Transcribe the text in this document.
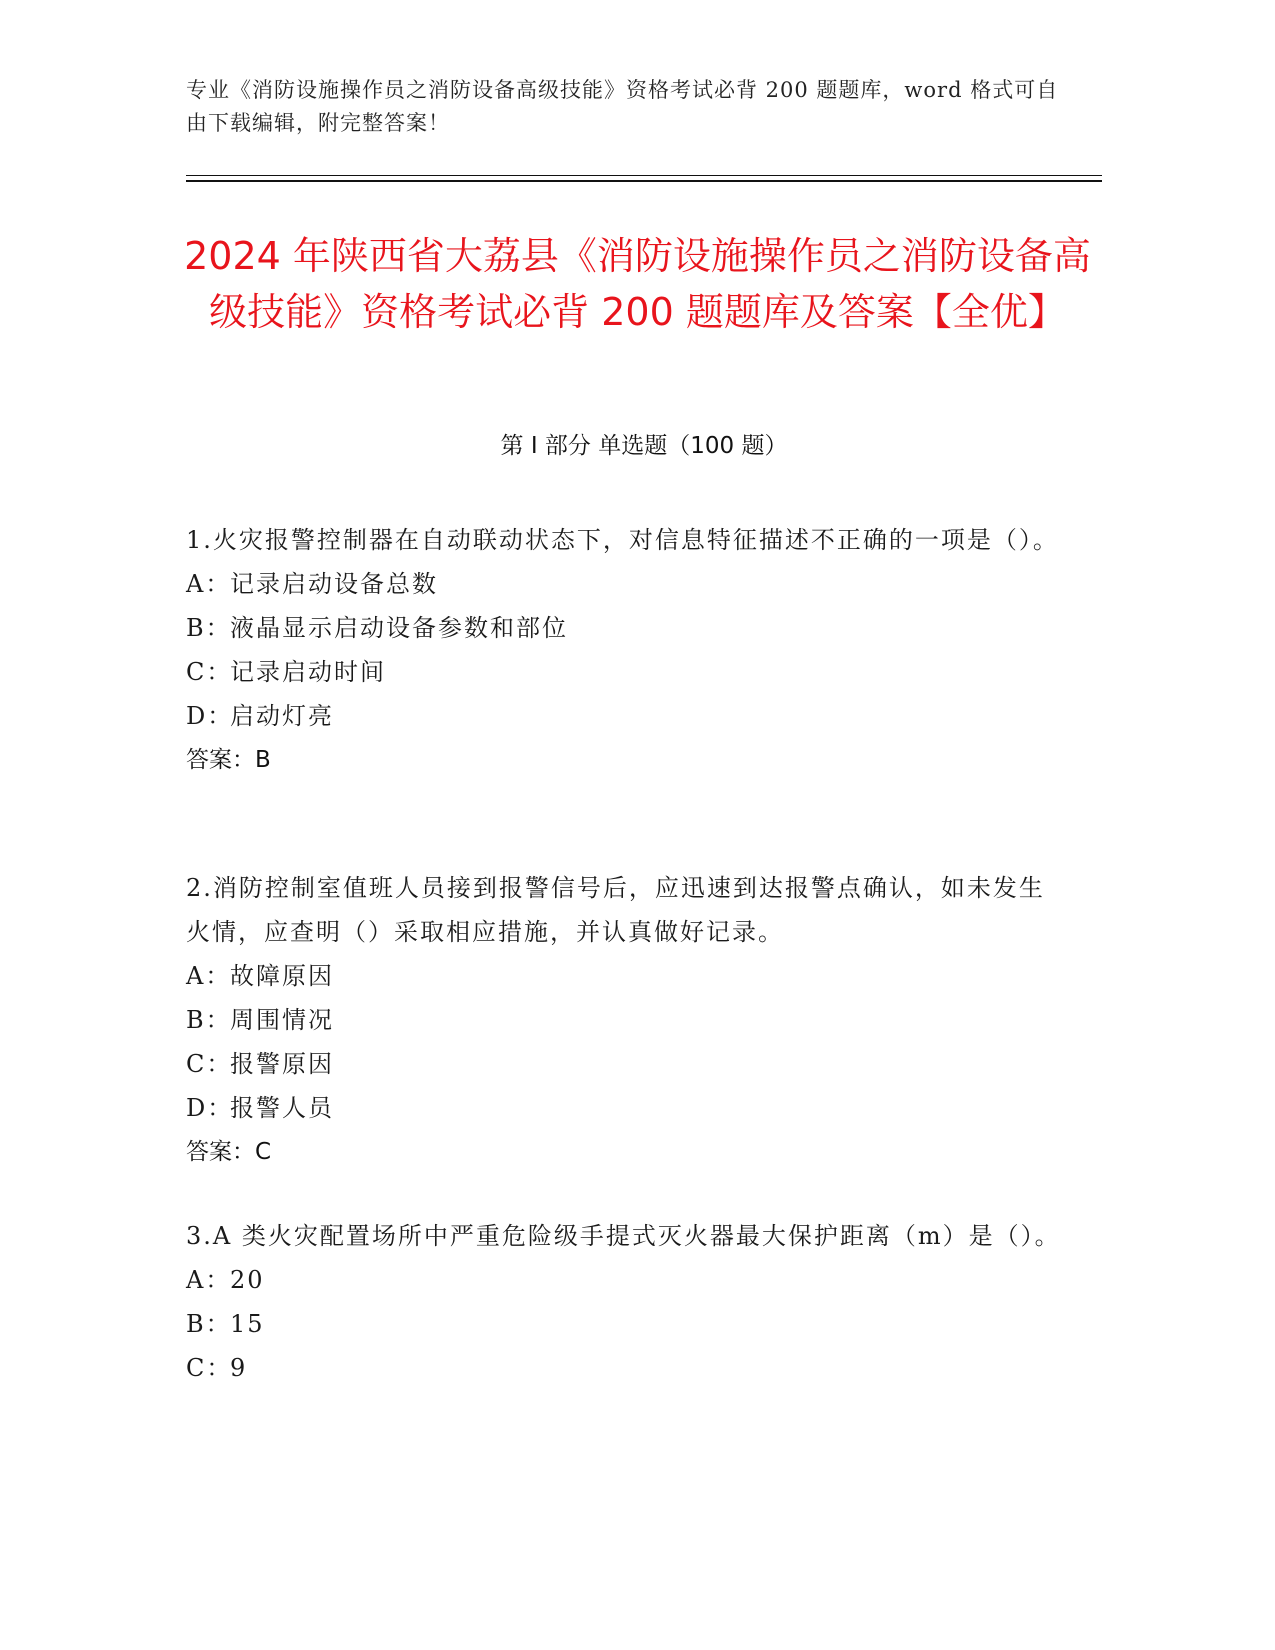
专业《消防设施操作员之消防设备高级技能》资格考试必背 200 题题库，word 格式可自由下载编辑，附完整答案！
2024 年陕西省大荔县《消防设施操作员之消防设备高级技能》资格考试必背 200 题题库及答案【全优】
第 I 部分 单选题（100 题）

1.火灾报警控制器在自动联动状态下，对信息特征描述不正确的一项是（）。

A：
记录启动设备总数
B：
液晶显示启动设备参数和部位
C：
记录启动时间
D：
启动灯亮
答案：B

2.消防控制室值班人员接到报警信号后，应迅速到达报警点确认，如未发生火情，应查明（）采取相应措施，并认真做好记录。

A：
故障原因
B：
周围情况
C：
报警原因
D：
报警人员
答案：C

3.A 类火灾配置场所中严重危险级手提式灭火器最大保护距离（m）是（）。

A：
20
B：
15
C：
9
